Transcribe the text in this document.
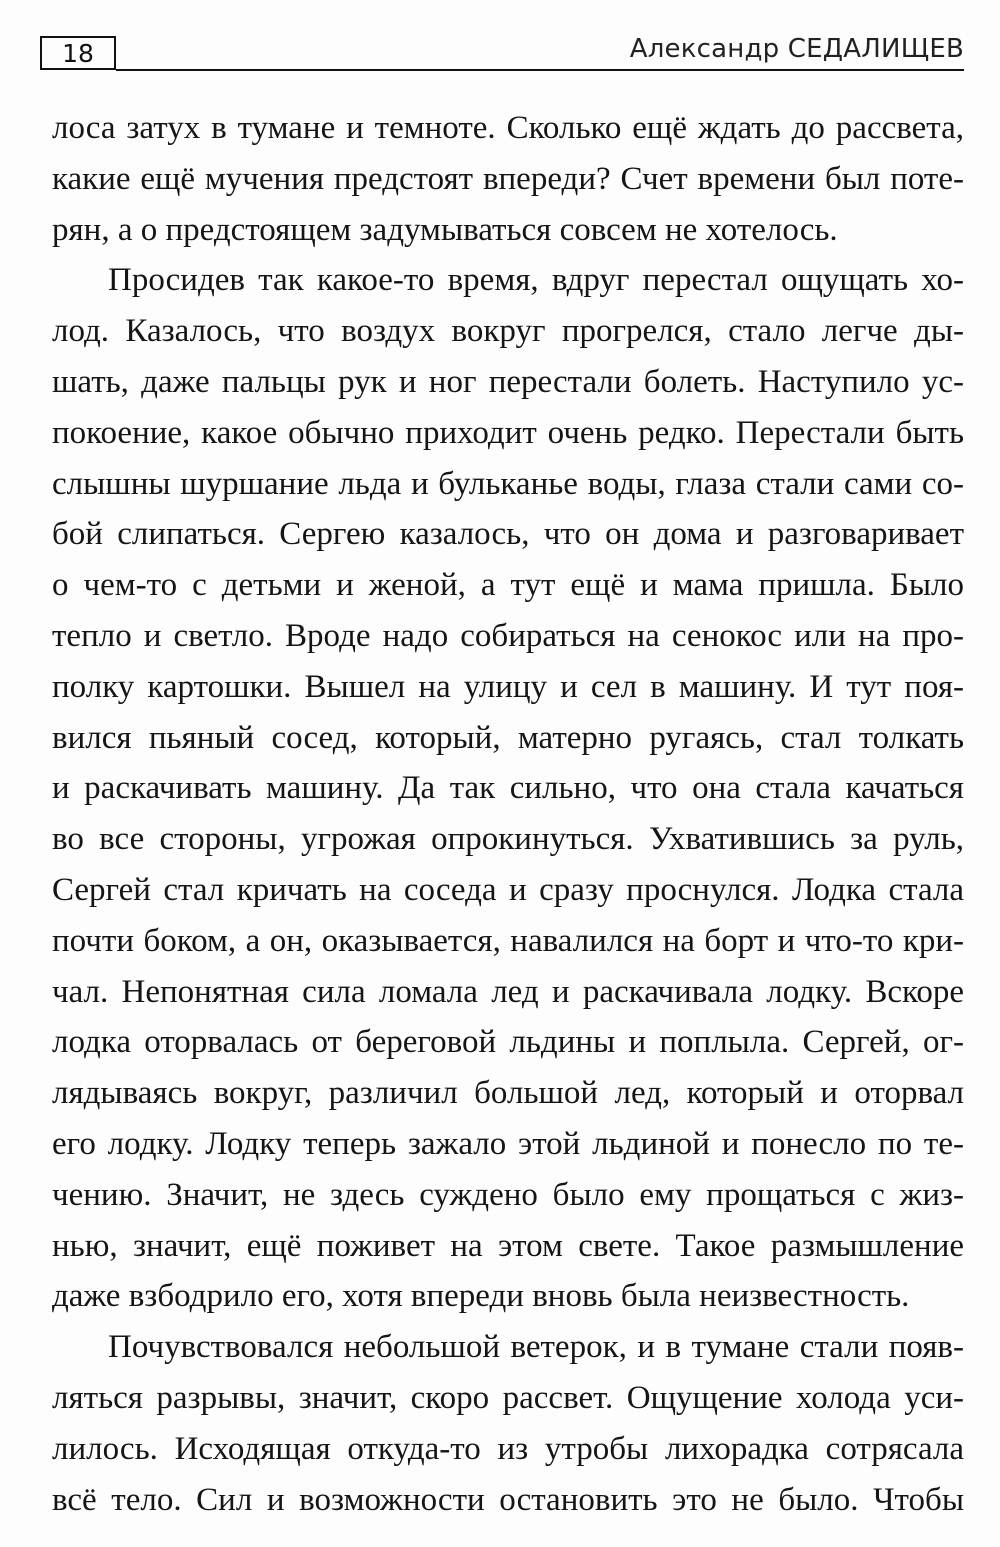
18	Александр СЕДАЛИЩЕВ
лоса затух в тумане и темноте. Сколько ещё ждать до рассвета,
какие ещё мучения предстоят впереди? Счет времени был поте-
рян, а о предстоящем задумываться совсем не хотелось.
Просидев так какое-то время, вдруг перестал ощущать хо-
лод. Казалось, что воздух вокруг прогрелся, стало легче ды-
шать, даже пальцы рук и ног перестали болеть. Наступило ус-
покоение, какое обычно приходит очень редко. Перестали быть
слышны шуршание льда и бульканье воды, глаза стали сами со-
бой слипаться. Сергею казалось, что он дома и разговаривает
о чем-то с детьми и женой, а тут ещё и мама пришла. Было
тепло и светло. Вроде надо собираться на сенокос или на про-
полку картошки. Вышел на улицу и сел в машину. И тут поя-
вился пьяный сосед, который, матерно ругаясь, стал толкать
и раскачивать машину. Да так сильно, что она стала качаться
во все стороны, угрожая опрокинуться. Ухватившись за руль,
Сергей стал кричать на соседа и сразу проснулся. Лодка стала
почти боком, а он, оказывается, навалился на борт и что-то кри-
чал. Непонятная сила ломала лед и раскачивала лодку. Вскоре
лодка оторвалась от береговой льдины и поплыла. Сергей, ог-
лядываясь вокруг, различил большой лед, который и оторвал
его лодку. Лодку теперь зажало этой льдиной и понесло по те-
чению. Значит, не здесь суждено было ему прощаться с жиз-
нью, значит, ещё поживет на этом свете. Такое размышление
даже взбодрило его, хотя впереди вновь была неизвестность.
Почувствовался небольшой ветерок, и в тумане стали появ-
ляться разрывы, значит, скоро рассвет. Ощущение холода уси-
лилось. Исходящая откуда-то из утробы лихорадка сотрясала
всё тело. Сил и возможности остановить это не было. Чтобы
